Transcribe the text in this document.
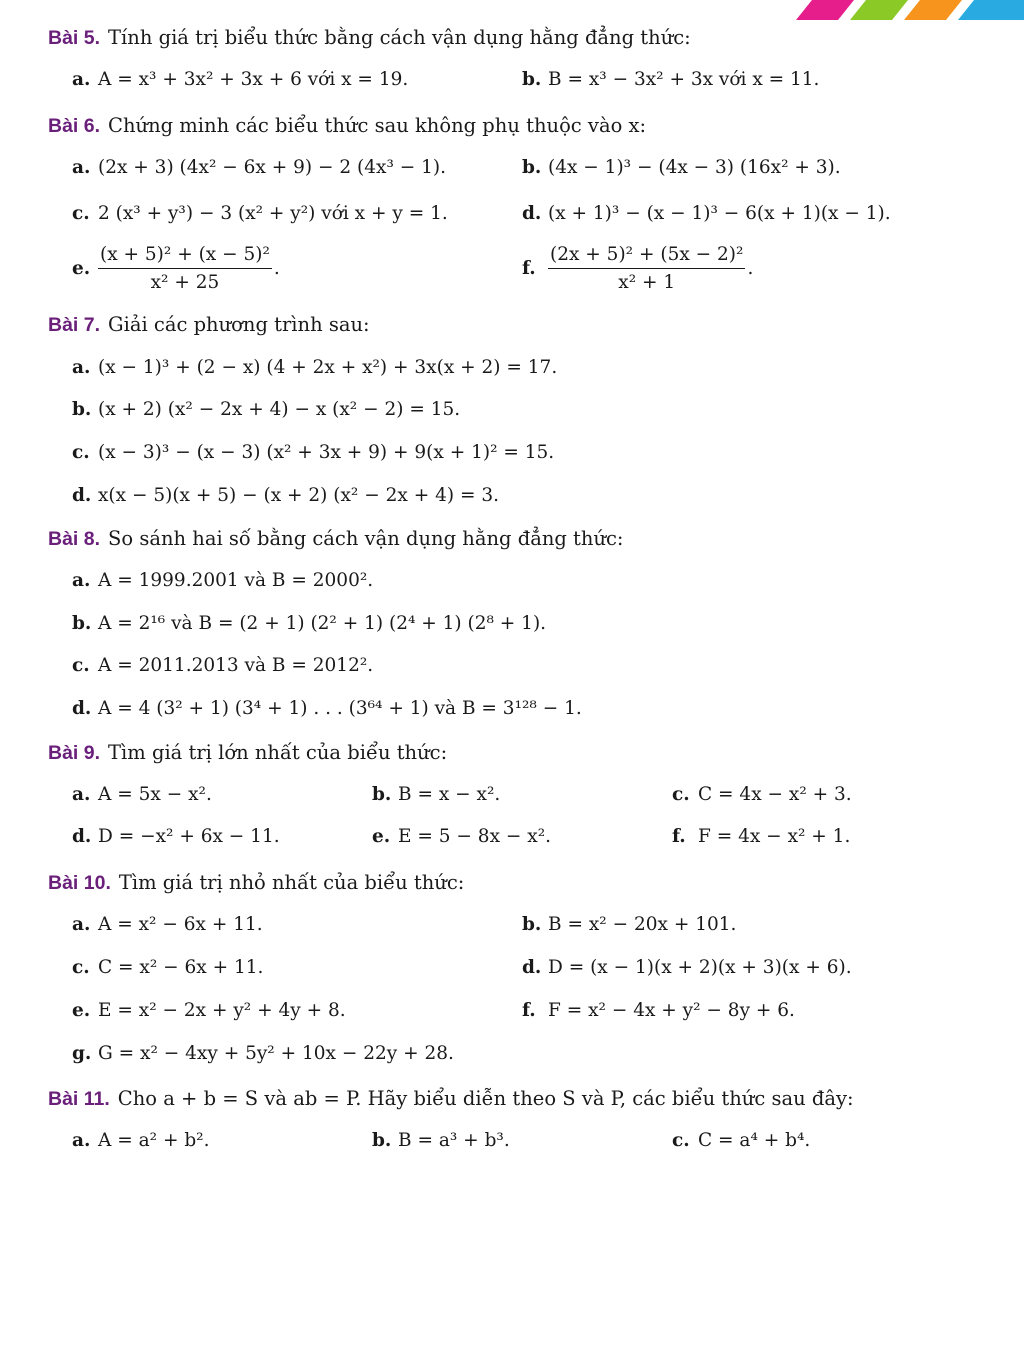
Bài 5. Tính giá trị biểu thức bằng cách vận dụng hằng đẳng thức:
a. A = x³ + 3x² + 3x + 6 với x = 19.	b. B = x³ − 3x² + 3x với x = 11.
Bài 6. Chứng minh các biểu thức sau không phụ thuộc vào x:
a. (2x + 3) (4x² − 6x + 9) − 2 (4x³ − 1).	b. (4x − 1)³ − (4x − 3) (16x² + 3).
c. 2 (x³ + y³) − 3 (x² + y²) với x + y = 1.	d. (x + 1)³ − (x − 1)³ − 6(x + 1)(x − 1).
e. $\frac{\text{(x + 5)² + (x − 5)²}}{\text{x² + 25}}$ .	f. $\frac{\text{(2x + 5)² + (5x − 2)²}}{\text{x² + 1}}$ .
Bài 7. Giải các phương trình sau:
a. (x − 1)³ + (2 − x) (4 + 2x + x²) + 3x(x + 2) = 17.
b. (x + 2) (x² − 2x + 4) − x (x² − 2) = 15.
c. (x − 3)³ − (x − 3) (x² + 3x + 9) + 9(x + 1)² = 15.
d. x(x − 5)(x + 5) − (x + 2) (x² − 2x + 4) = 3.
Bài 8. So sánh hai số bằng cách vận dụng hằng đẳng thức:
a. A = 1999.2001 và B = 2000².
b. A = 2¹⁶ và B = (2 + 1) (2² + 1) (2⁴ + 1) (2⁸ + 1).
c. A = 2011.2013 và B = 2012².
d. A = 4 (3² + 1) (3⁴ + 1) . . . (3⁶⁴ + 1) và B = 3¹²⁸ − 1.
Bài 9. Tìm giá trị lớn nhất của biểu thức:
a. A = 5x − x².	b. B = x − x².	c. C = 4x − x² + 3.
d. D = −x² + 6x − 11.	e. E = 5 − 8x − x².	f. F = 4x − x² + 1.
Bài 10. Tìm giá trị nhỏ nhất của biểu thức:
a. A = x² − 6x + 11.	b. B = x² − 20x + 101.
c. C = x² − 6x + 11.	d. D = (x − 1)(x + 2)(x + 3)(x + 6).
e. E = x² − 2x + y² + 4y + 8.	f. F = x² − 4x + y² − 8y + 6.
g. G = x² − 4xy + 5y² + 10x − 22y + 28.
Bài 11. Cho a + b = S và ab = P. Hãy biểu diễn theo S và P, các biểu thức sau đây:
a. A = a² + b².	b. B = a³ + b³.	c. C = a⁴ + b⁴.
